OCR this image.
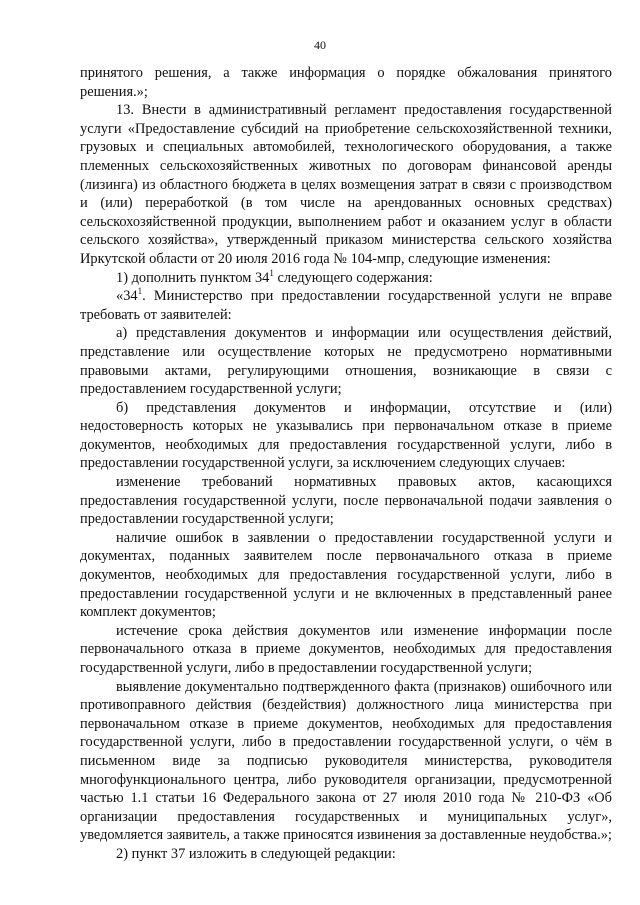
40

принятого решения, а также информация о порядке обжалования принятого решения.»;

13. Внести в административный регламент предоставления государственной услуги «Предоставление субсидий на приобретение сельскохозяйственной техники, грузовых и специальных автомобилей, технологического оборудования, а также племенных сельскохозяйственных животных по договорам финансовой аренды (лизинга) из областного бюджета в целях возмещения затрат в связи с производством и (или) переработкой (в том числе на арендованных основных средствах) сельскохозяйственной продукции, выполнением работ и оказанием услуг в области сельского хозяйства», утвержденный приказом министерства сельского хозяйства Иркутской области от 20 июля 2016 года № 104-мпр, следующие изменения:

1) дополнить пунктом $34^1$ следующего содержания:

«$34^1$. Министерство при предоставлении государственной услуги не вправе требовать от заявителей:

а) представления документов и информации или осуществления действий, представление или осуществление которых не предусмотрено нормативными правовыми актами, регулирующими отношения, возникающие в связи с предоставлением государственной услуги;

б) представления документов и информации, отсутствие и (или) недостоверность которых не указывались при первоначальном отказе в приеме документов, необходимых для предоставления государственной услуги, либо в предоставлении государственной услуги, за исключением следующих случаев:

изменение требований нормативных правовых актов, касающихся предоставления государственной услуги, после первоначальной подачи заявления о предоставлении государственной услуги;

наличие ошибок в заявлении о предоставлении государственной услуги и документах, поданных заявителем после первоначального отказа в приеме документов, необходимых для предоставления государственной услуги, либо в предоставлении государственной услуги и не включенных в представленный ранее комплект документов;

истечение срока действия документов или изменение информации после первоначального отказа в приеме документов, необходимых для предоставления государственной услуги, либо в предоставлении государственной услуги;

выявление документально подтвержденного факта (признаков) ошибочного или противоправного действия (бездействия) должностного лица министерства при первоначальном отказе в приеме документов, необходимых для предоставления государственной услуги, либо в предоставлении государственной услуги, о чём в письменном виде за подписью руководителя министерства, руководителя многофункционального центра, либо руководителя организации, предусмотренной частью 1.1 статьи 16 Федерального закона от 27 июля 2010 года № 210-ФЗ «Об организации предоставления государственных и муниципальных услуг», уведомляется заявитель, а также приносятся извинения за доставленные неудобства.»;

2) пункт 37 изложить в следующей редакции:
